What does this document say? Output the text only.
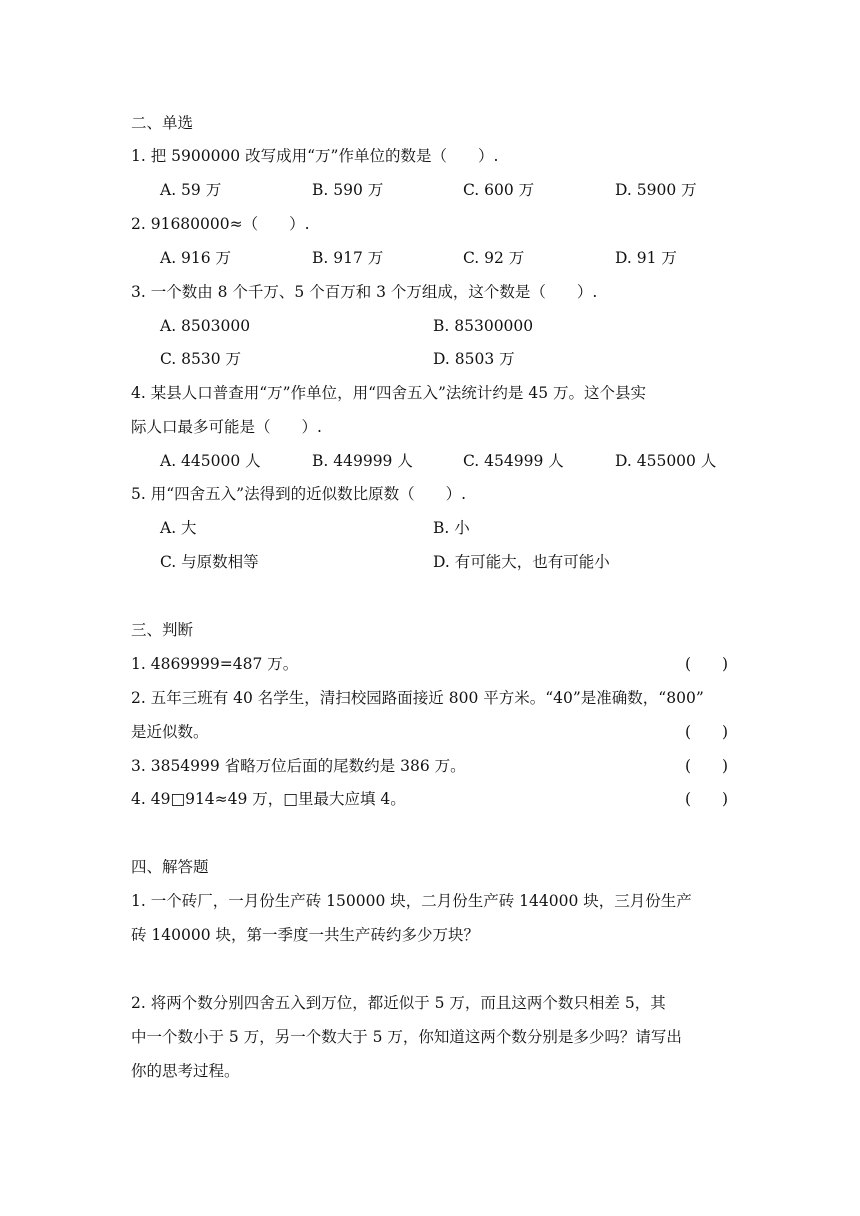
二、单选
1. 把 5900000 改写成用“万”作单位的数是（　　）.
A. 59 万	B. 590 万	C. 600 万	D. 5900 万
2. 91680000≈（　　）.
A. 916 万	B. 917 万	C. 92 万	D. 91 万
3. 一个数由 8 个千万、5 个百万和 3 个万组成，这个数是（　　）.
A. 8503000	B. 85300000
C. 8530 万	D. 8503 万
4. 某县人口普查用“万”作单位，用“四舍五入”法统计约是 45 万。这个县实
际人口最多可能是（　　）.
A. 445000 人	B. 449999 人	C. 454999 人	D. 455000 人
5. 用“四舍五入”法得到的近似数比原数（　　）.
A. 大	B. 小
C. 与原数相等	D. 有可能大，也有可能小
三、判断
1. 4869999=487 万。	(　　)
2. 五年三班有 40 名学生，清扫校园路面接近 800 平方米。“40”是准确数，“800”
是近似数。	(　　)
3. 3854999 省略万位后面的尾数约是 386 万。	(　　)
4. 49□914≈49 万，□里最大应填 4。	(　　)
四、解答题
1. 一个砖厂，一月份生产砖 150000 块，二月份生产砖 144000 块，三月份生产
砖 140000 块，第一季度一共生产砖约多少万块？
2. 将两个数分别四舍五入到万位，都近似于 5 万，而且这两个数只相差 5，其
中一个数小于 5 万，另一个数大于 5 万，你知道这两个数分别是多少吗？请写出
你的思考过程。
